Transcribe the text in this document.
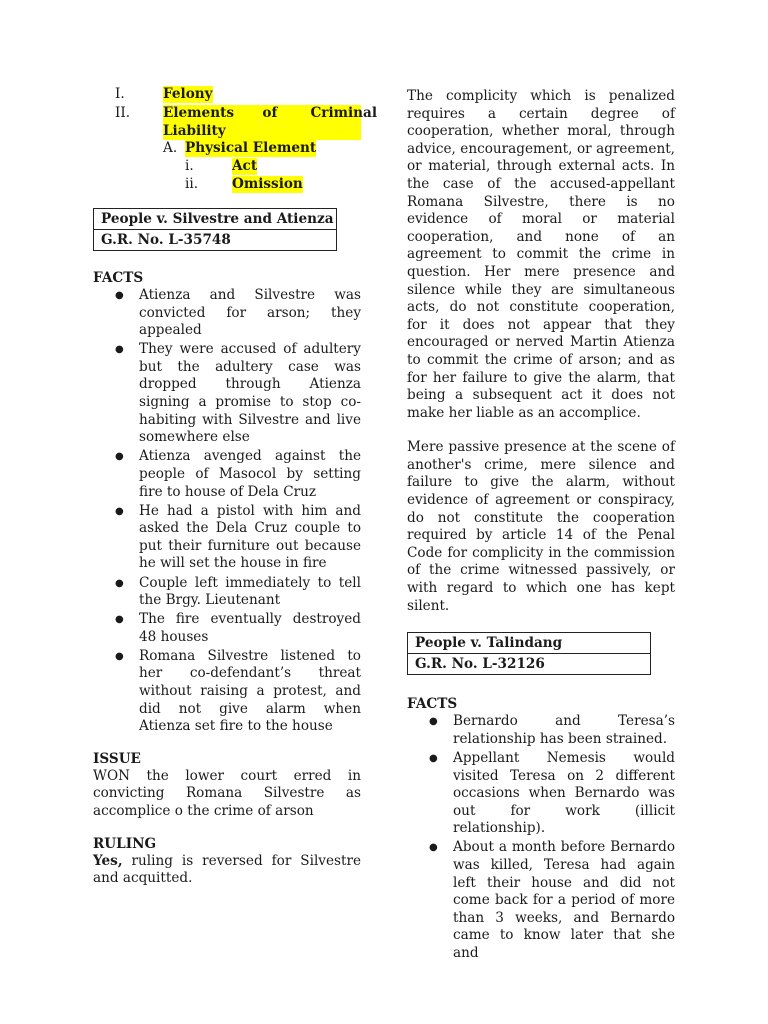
I.	Felony
II. Elements      of       Criminal
Liability
A. Physical Element
i.	Act
ii. Omission
People v. Silvestre and Atienza
G.R. No. L-35748
FACTS
● Atienza and Silvestre was convicted for arson; they appealed
● They were accused of adultery but the adultery case was dropped through Atienza signing a promise to stop co-habiting with Silvestre and live somewhere else
● Atienza avenged against the people of Masocol by setting fire to house of Dela Cruz
● He had a pistol with him and asked the Dela Cruz couple to put their furniture out because he will set the house in fire
● Couple left immediately to tell the Brgy. Lieutenant
● The fire eventually destroyed 48 houses
● Romana Silvestre listened to her co-defendant’s threat without raising a protest, and did not give alarm when Atienza set fire to the house
ISSUE

WON the lower court erred in convicting Romana Silvestre as accomplice o the crime of arson

RULING

Yes, ruling is reversed for Silvestre and acquitted.

The complicity which is penalized requires a certain degree of cooperation, whether moral, through advice, encouragement, or agreement, or material, through external acts. In the case of the accused-appellant Romana Silvestre, there is no evidence of moral or material cooperation, and none of an agreement to commit the crime in question. Her mere presence and silence while they are simultaneous acts, do not constitute cooperation, for it does not appear that they encouraged or nerved Martin Atienza to commit the crime of arson; and as for her failure to give the alarm, that being a subsequent act it does not make her liable as an accomplice.

Mere passive presence at the scene of another's crime, mere silence and failure to give the alarm, without evidence of agreement or conspiracy, do not constitute the cooperation required by article 14 of the Penal Code for complicity in the commission of the crime witnessed passively, or with regard to which one has kept silent.

People v. Talindang
G.R. No. L-32126
FACTS
● Bernardo and Teresa’s relationship has been strained.
● Appellant Nemesis would visited Teresa on 2 different occasions when Bernardo was out for work (illicit relationship).
● About a month before Bernardo was killed, Teresa had again left their house and did not come back for a period of more than 3 weeks, and Bernardo came to know later that she and
